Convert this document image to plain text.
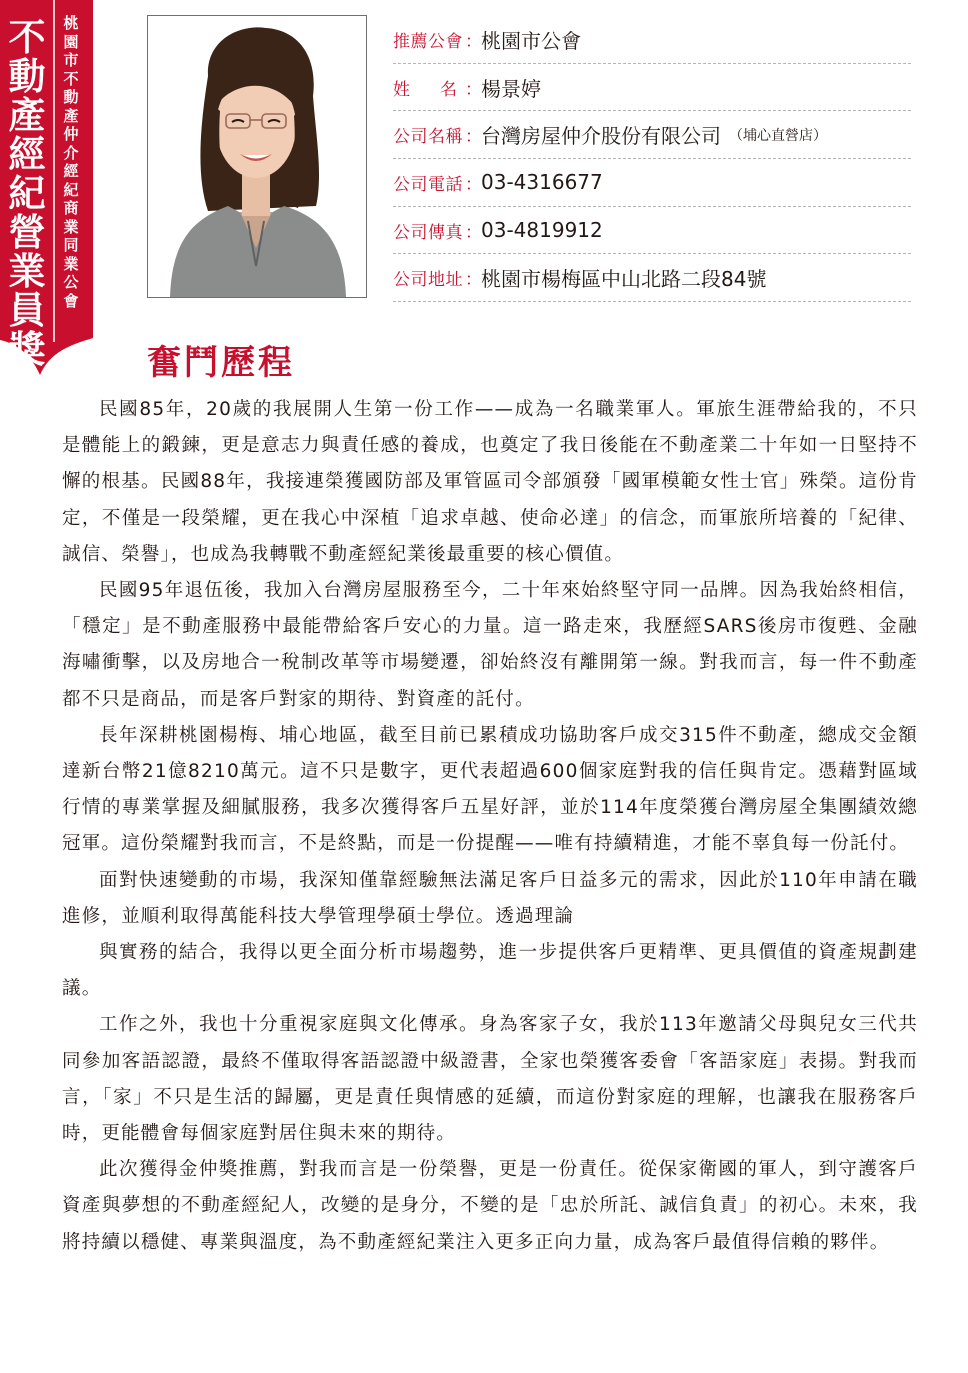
不
動
產
經
紀
營
業
員
獎
桃
園
市
不
動
產
仲
介
經
紀
商
業
同
業
公
會
推薦公會 ： 桃園市公會
姓 名 ： 楊景婷
公司名稱 ： 台灣房屋仲介股份有限公司 （埔心直營店）
公司電話 ： 03-4316677
公司傳真 ： 03-4819912
公司地址 ： 桃園市楊梅區中山北路二段84號
奮鬥歷程

民國85年，20歲的我展開人生第一份工作——成為一名職業軍人。軍旅生涯帶給我的，不只是體能上的鍛鍊，更是意志力與責任感的養成，也奠定了我日後能在不動產業二十年如一日堅持不懈的根基。民國88年，我接連榮獲國防部及軍管區司令部頒發「國軍模範女性士官」殊榮。這份肯定，不僅是一段榮耀，更在我心中深植「追求卓越、使命必達」的信念，而軍旅所培養的「紀律、誠信、榮譽」，也成為我轉戰不動產經紀業後最重要的核心價值。

民國95年退伍後，我加入台灣房屋服務至今，二十年來始終堅守同一品牌。因為我始終相信，「穩定」是不動產服務中最能帶給客戶安心的力量。這一路走來，我歷經SARS後房市復甦、金融海嘯衝擊，以及房地合一稅制改革等市場變遷，卻始終沒有離開第一線。對我而言，每一件不動產都不只是商品，而是客戶對家的期待、對資產的託付。

長年深耕桃園楊梅、埔心地區，截至目前已累積成功協助客戶成交315件不動產，總成交金額達新台幣21億8210萬元。這不只是數字，更代表超過600個家庭對我的信任與肯定。憑藉對區域行情的專業掌握及細膩服務，我多次獲得客戶五星好評，並於114年度榮獲台灣房屋全集團績效總冠軍。這份榮耀對我而言，不是終點，而是一份提醒——唯有持續精進，才能不辜負每一份託付。

面對快速變動的市場，我深知僅靠經驗無法滿足客戶日益多元的需求，因此於110年申請在職進修，並順利取得萬能科技大學管理學碩士學位。透過理論

與實務的結合，我得以更全面分析市場趨勢，進一步提供客戶更精準、更具價值的資產規劃建議。

工作之外，我也十分重視家庭與文化傳承。身為客家子女，我於113年邀請父母與兒女三代共同參加客語認證，最終不僅取得客語認證中級證書，全家也榮獲客委會「客語家庭」表揚。對我而言，「家」不只是生活的歸屬，更是責任與情感的延續，而這份對家庭的理解，也讓我在服務客戶時，更能體會每個家庭對居住與未來的期待。

此次獲得金仲獎推薦，對我而言是一份榮譽，更是一份責任。從保家衛國的軍人，到守護客戶資產與夢想的不動產經紀人，改變的是身分，不變的是「忠於所託、誠信負責」的初心。未來，我將持續以穩健、專業與溫度，為不動產經紀業注入更多正向力量，成為客戶最值得信賴的夥伴。
